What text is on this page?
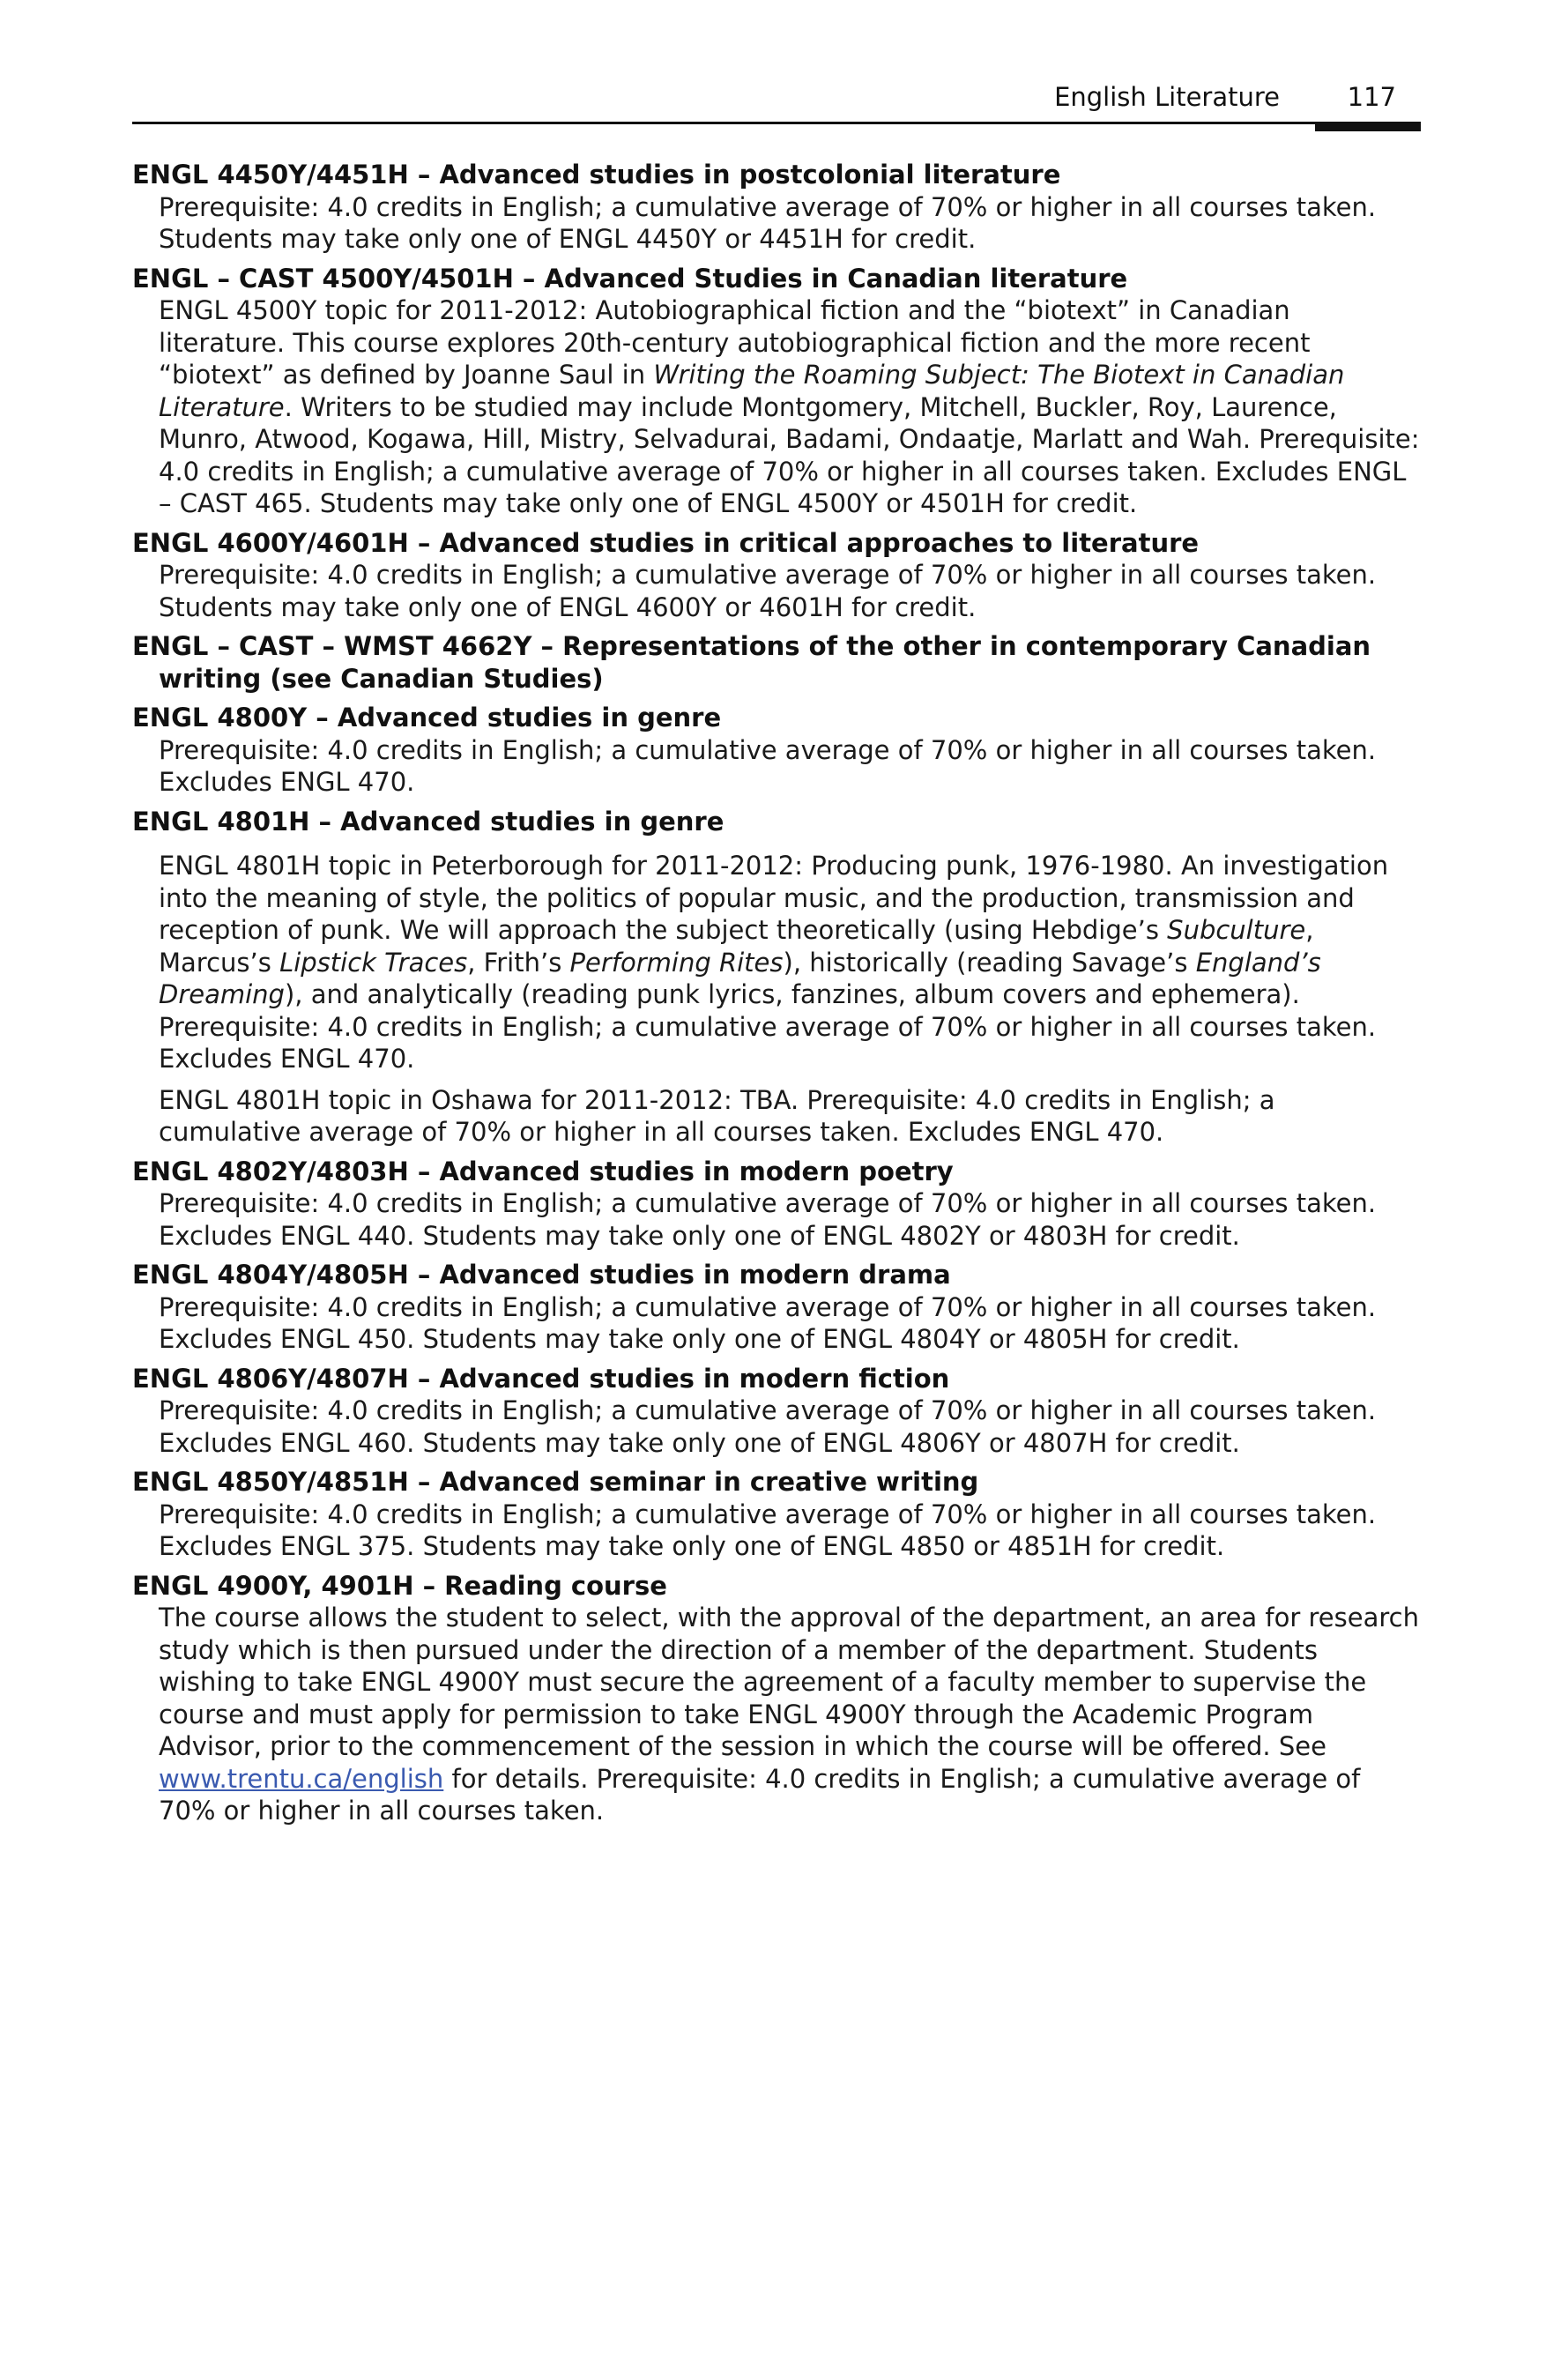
English Literature	117
ENGL 4450Y/4451H – Advanced studies in postcolonial literature

Prerequisite: 4.0 credits in English; a cumulative average of 70% or higher in all courses taken. Students may take only one of ENGL 4450Y or 4451H for credit.

ENGL – CAST 4500Y/4501H – Advanced Studies in Canadian literature

ENGL 4500Y topic for 2011-2012: Autobiographical fiction and the “biotext” in Canadian literature. This course explores 20th-century autobiographical fiction and the more recent “biotext” as defined by Joanne Saul in Writing the Roaming Subject: The Biotext in Canadian Literature. Writers to be studied may include Montgomery, Mitchell, Buckler, Roy, Laurence, Munro, Atwood, Kogawa, Hill, Mistry, Selvadurai, Badami, Ondaatje, Marlatt and Wah. Prerequisite: 4.0 credits in English; a cumulative average of 70% or higher in all courses taken. Excludes ENGL – CAST 465. Students may take only one of ENGL 4500Y or 4501H for credit.

ENGL 4600Y/4601H – Advanced studies in critical approaches to literature

Prerequisite: 4.0 credits in English; a cumulative average of 70% or higher in all courses taken. Students may take only one of ENGL 4600Y or 4601H for credit.

ENGL – CAST – WMST 4662Y – Representations of the other in contemporary Canadian writing (see Canadian Studies)
ENGL 4800Y – Advanced studies in genre

Prerequisite: 4.0 credits in English; a cumulative average of 70% or higher in all courses taken. Excludes ENGL 470.

ENGL 4801H – Advanced studies in genre

ENGL 4801H topic in Peterborough for 2011-2012: Producing punk, 1976-1980. An investigation into the meaning of style, the politics of popular music, and the production, transmission and reception of punk. We will approach the subject theoretically (using Hebdige’s Subculture, Marcus’s Lipstick Traces, Frith’s Performing Rites), historically (reading Savage’s England’s Dreaming), and analytically (reading punk lyrics, fanzines, album covers and ephemera). Prerequisite: 4.0 credits in English; a cumulative average of 70% or higher in all courses taken. Excludes ENGL 470.

ENGL 4801H topic in Oshawa for 2011-2012: TBA. Prerequisite: 4.0 credits in English; a cumulative average of 70% or higher in all courses taken. Excludes ENGL 470.

ENGL 4802Y/4803H – Advanced studies in modern poetry

Prerequisite: 4.0 credits in English; a cumulative average of 70% or higher in all courses taken. Excludes ENGL 440. Students may take only one of ENGL 4802Y or 4803H for credit.

ENGL 4804Y/4805H – Advanced studies in modern drama

Prerequisite: 4.0 credits in English; a cumulative average of 70% or higher in all courses taken. Excludes ENGL 450. Students may take only one of ENGL 4804Y or 4805H for credit.

ENGL 4806Y/4807H – Advanced studies in modern fiction

Prerequisite: 4.0 credits in English; a cumulative average of 70% or higher in all courses taken. Excludes ENGL 460. Students may take only one of ENGL 4806Y or 4807H for credit.

ENGL 4850Y/4851H – Advanced seminar in creative writing

Prerequisite: 4.0 credits in English; a cumulative average of 70% or higher in all courses taken. Excludes ENGL 375. Students may take only one of ENGL 4850 or 4851H for credit.

ENGL 4900Y, 4901H – Reading course

The course allows the student to select, with the approval of the department, an area for research study which is then pursued under the direction of a member of the department. Students wishing to take ENGL 4900Y must secure the agreement of a faculty member to supervise the course and must apply for permission to take ENGL 4900Y through the Academic Program Advisor, prior to the commencement of the session in which the course will be offered. See www.trentu.ca/english for details. Prerequisite: 4.0 credits in English; a cumulative average of 70% or higher in all courses taken.
